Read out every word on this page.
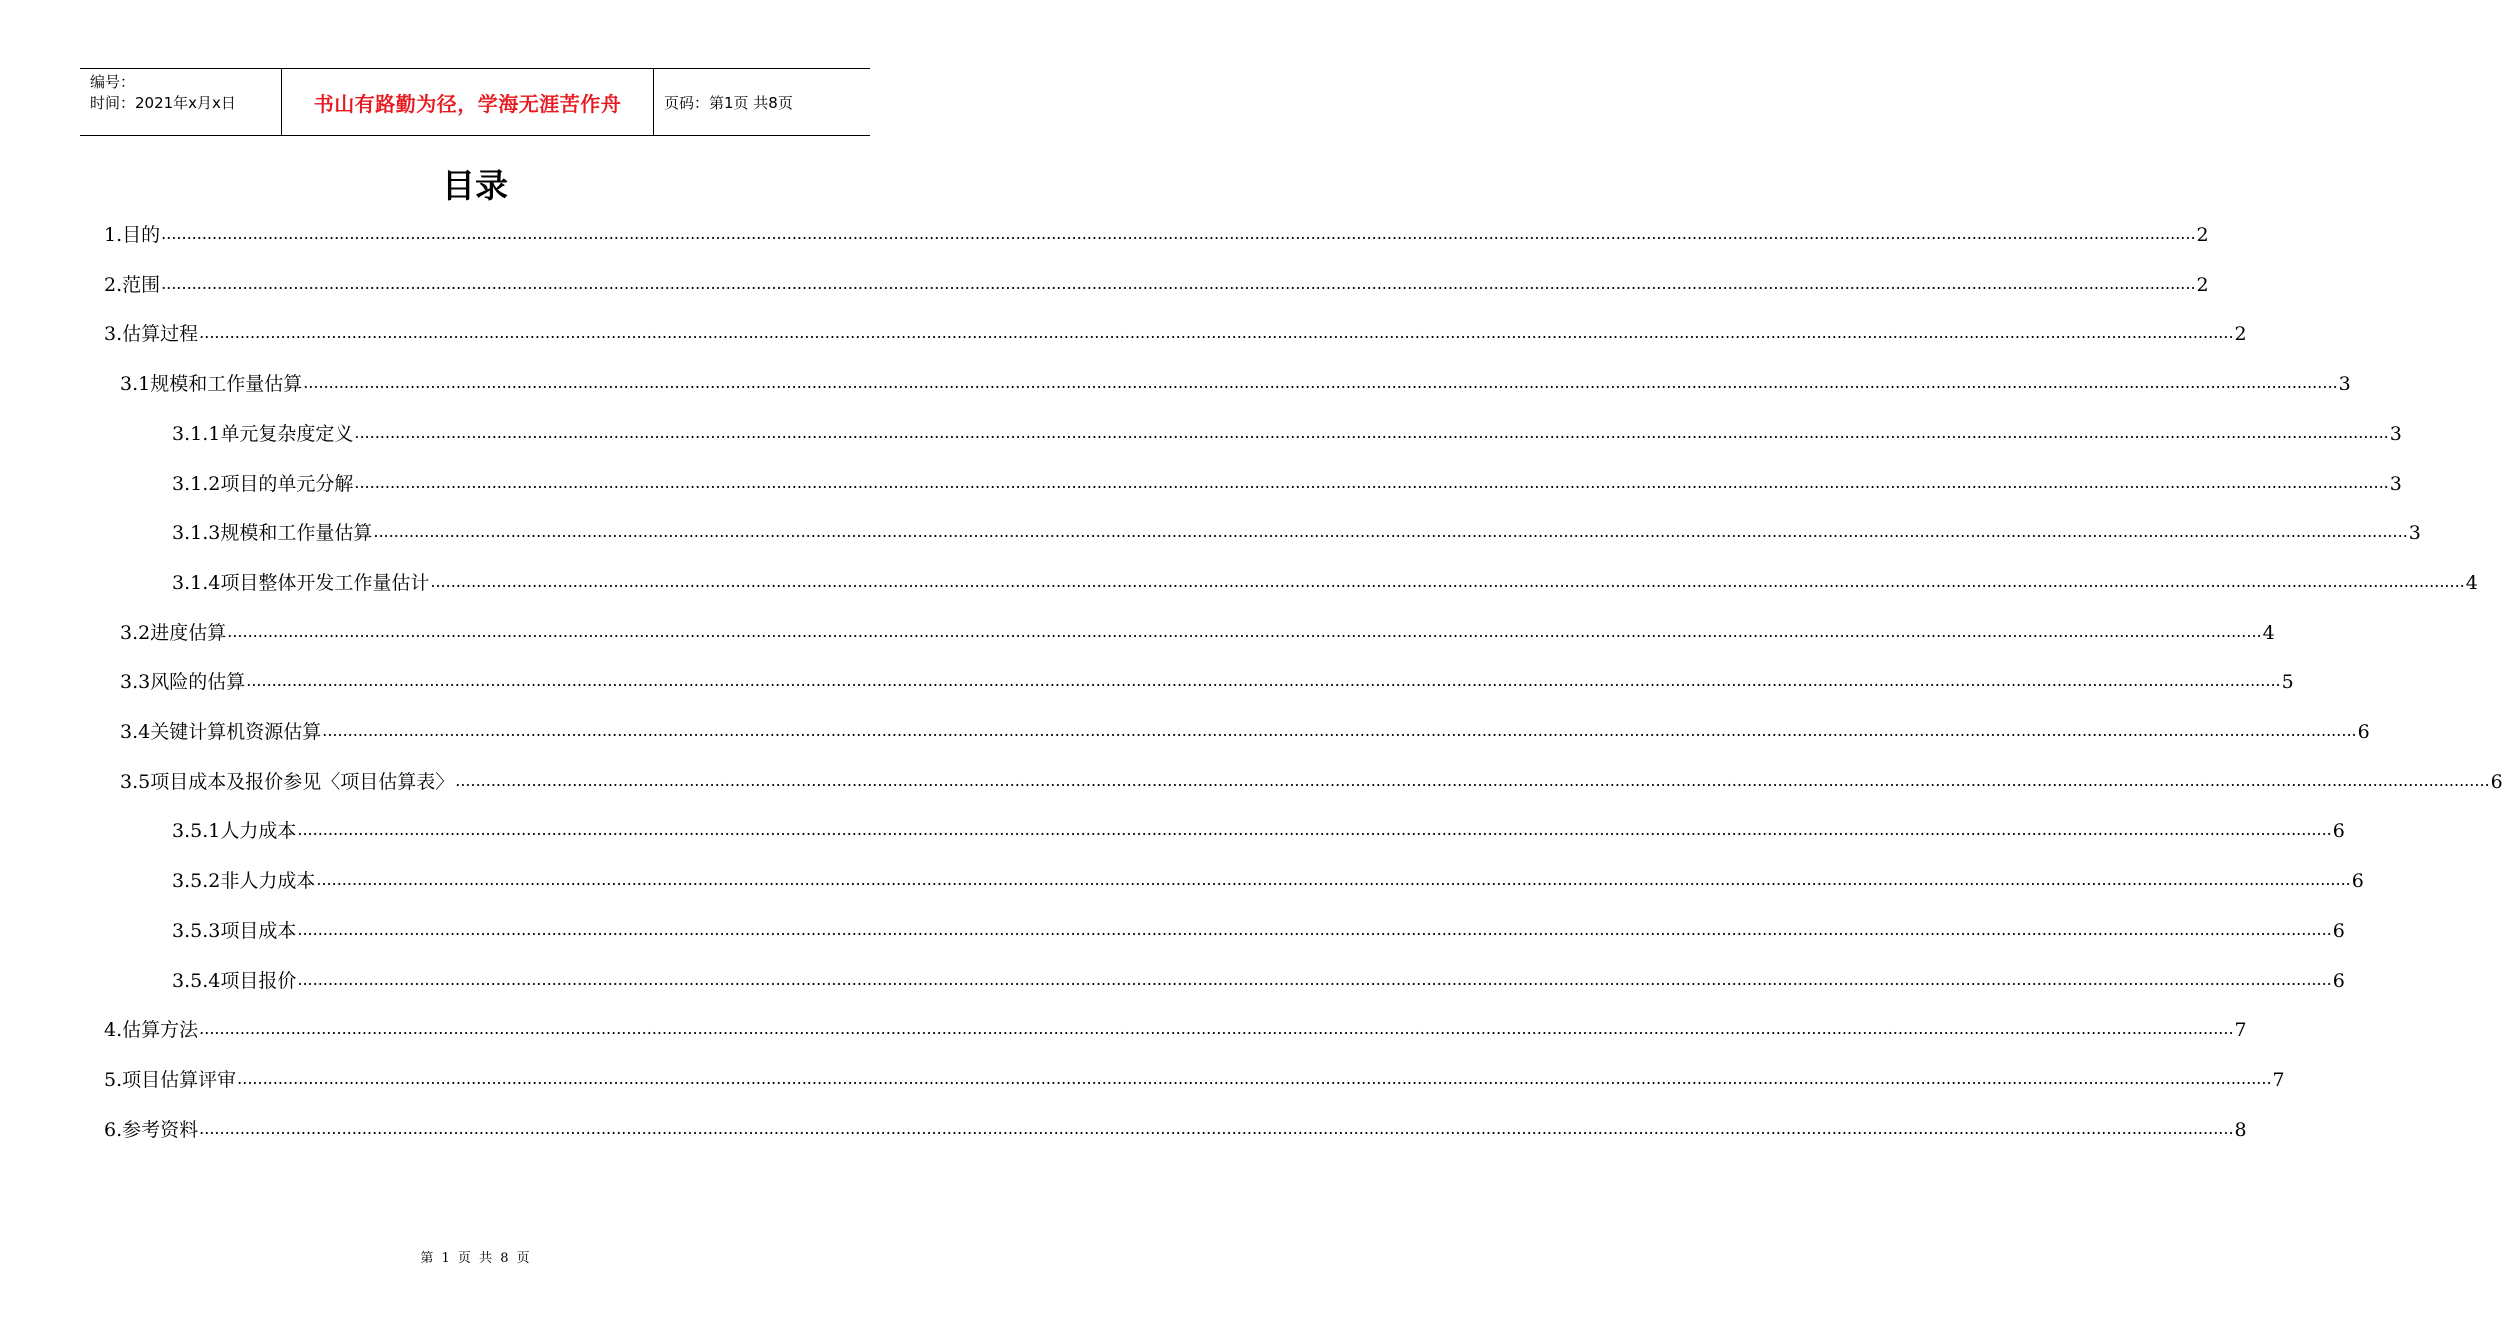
编号：
时间：2021年x月x日	书山有路勤为径，学海无涯苦作舟	页码：第1页 共8页
目录
1. 目的 ................................................................................................................................................................................................................................................................................................................................................................................................................ 2
2. 范围 ................................................................................................................................................................................................................................................................................................................................................................................................................ 2
3. 估算过程 ................................................................................................................................................................................................................................................................................................................................................................................................................ 2
3.1 规模和工作量估算 ................................................................................................................................................................................................................................................................................................................................................................................................................ 3
3.1.1 单元复杂度定义 ................................................................................................................................................................................................................................................................................................................................................................................................................ 3
3.1.2 项目的单元分解 ................................................................................................................................................................................................................................................................................................................................................................................................................ 3
3.1.3 规模和工作量估算 ................................................................................................................................................................................................................................................................................................................................................................................................................ 3
3.1.4 项目整体开发工作量估计 ................................................................................................................................................................................................................................................................................................................................................................................................................ 4
3.2 进度估算 ................................................................................................................................................................................................................................................................................................................................................................................................................ 4
3.3 风险的估算 ................................................................................................................................................................................................................................................................................................................................................................................................................ 5
3.4 关键计算机资源估算 ................................................................................................................................................................................................................................................................................................................................................................................................................ 6
3.5 项目成本及报价参见〈项目估算表〉 ................................................................................................................................................................................................................................................................................................................................................................................................................ 6
3.5.1 人力成本 ................................................................................................................................................................................................................................................................................................................................................................................................................ 6
3.5.2 非人力成本 ................................................................................................................................................................................................................................................................................................................................................................................................................ 6
3.5.3 项目成本 ................................................................................................................................................................................................................................................................................................................................................................................................................ 6
3.5.4 项目报价 ................................................................................................................................................................................................................................................................................................................................................................................................................ 6
4. 估算方法 ................................................................................................................................................................................................................................................................................................................................................................................................................ 7
5. 项目估算评审 ................................................................................................................................................................................................................................................................................................................................................................................................................ 7
6. 参考资料 ................................................................................................................................................................................................................................................................................................................................................................................................................ 8
第 1 页 共 8 页
